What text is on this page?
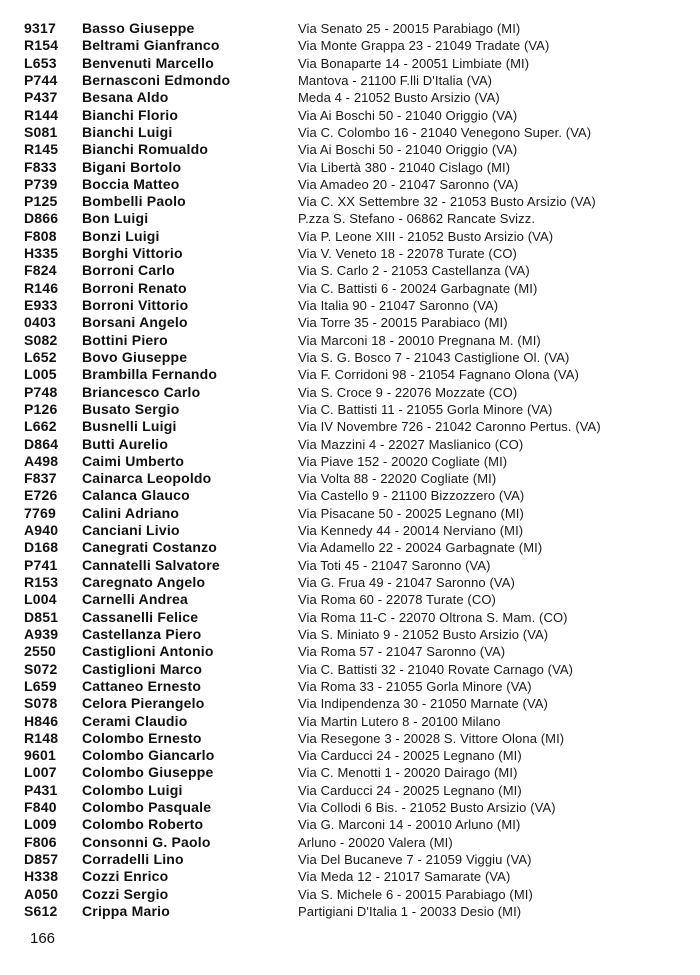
9317	Basso Giuseppe	Via Senato 25 - 20015 Parabiago (MI)
R154	Beltrami Gianfranco	Via Monte Grappa 23 - 21049 Tradate (VA)
L653	Benvenuti Marcello	Via Bonaparte 14 - 20051 Limbiate (MI)
P744	Bernasconi Edmondo	Mantova - 21100 F.lli D'Italia (VA)
P437	Besana Aldo	Meda 4 - 21052 Busto Arsizio (VA)
R144	Bianchi Florio	Via Ai Boschi 50 - 21040 Origgio (VA)
S081	Bianchi Luigi	Via C. Colombo 16 - 21040 Venegono Super. (VA)
R145	Bianchi Romualdo	Via Ai Boschi 50 - 21040 Origgio (VA)
F833	Bigani Bortolo	Via Libertà 380 - 21040 Cislago (MI)
P739	Boccia Matteo	Via Amadeo 20 - 21047 Saronno (VA)
P125	Bombelli Paolo	Via C. XX Settembre 32 - 21053 Busto Arsizio (VA)
D866	Bon Luigi	P.zza S. Stefano - 06862 Rancate Svizz.
F808	Bonzi Luigi	Via P. Leone XIII - 21052 Busto Arsizio (VA)
H335	Borghi Vittorio	Via V. Veneto 18 - 22078 Turate (CO)
F824	Borroni Carlo	Via S. Carlo 2 - 21053 Castellanza (VA)
R146	Borroni Renato	Via C. Battisti 6 - 20024 Garbagnate (MI)
E933	Borroni Vittorio	Via Italia 90 - 21047 Saronno (VA)
0403	Borsani Angelo	Via Torre 35 - 20015 Parabiaco (MI)
S082	Bottini Piero	Via Marconi 18 - 20010 Pregnana M. (MI)
L652	Bovo Giuseppe	Via S. G. Bosco 7 - 21043 Castiglione Ol. (VA)
L005	Brambilla Fernando	Via F. Corridoni 98 - 21054 Fagnano Olona (VA)
P748	Briancesco Carlo	Via S. Croce 9 - 22076 Mozzate (CO)
P126	Busato Sergio	Via C. Battisti 11 - 21055 Gorla Minore (VA)
L662	Busnelli Luigi	Via IV Novembre 726 - 21042 Caronno Pertus. (VA)
D864	Butti Aurelio	Via Mazzini 4 - 22027 Maslianico (CO)
A498	Caimi Umberto	Via Piave 152 - 20020 Cogliate (MI)
F837	Cainarca Leopoldo	Via Volta 88 - 22020 Cogliate (MI)
E726	Calanca Glauco	Via Castello 9 - 21100 Bizzozzero (VA)
7769	Calini Adriano	Via Pisacane 50 - 20025 Legnano (MI)
A940	Canciani Livio	Via Kennedy 44 - 20014 Nerviano (MI)
D168	Canegrati Costanzo	Via Adamello 22 - 20024 Garbagnate (MI)
P741	Cannatelli Salvatore	Via Toti 45 - 21047 Saronno (VA)
R153	Caregnato Angelo	Via G. Frua 49 - 21047 Saronno (VA)
L004	Carnelli Andrea	Via Roma 60 - 22078 Turate (CO)
D851	Cassanelli Felice	Via Roma 11-C - 22070 Oltrona S. Mam. (CO)
A939	Castellanza Piero	Via S. Miniato 9 - 21052 Busto Arsizio (VA)
2550	Castiglioni Antonio	Via Roma 57 - 21047 Saronno (VA)
S072	Castiglioni Marco	Via C. Battisti 32 - 21040 Rovate Carnago (VA)
L659	Cattaneo Ernesto	Via Roma 33 - 21055 Gorla Minore (VA)
S078	Celora Pierangelo	Via Indipendenza 30 - 21050 Marnate (VA)
H846	Cerami Claudio	Via Martin Lutero 8 - 20100 Milano
R148	Colombo Ernesto	Via Resegone 3 - 20028 S. Vittore Olona (MI)
9601	Colombo Giancarlo	Via Carducci 24 - 20025 Legnano (MI)
L007	Colombo Giuseppe	Via C. Menotti 1 - 20020 Dairago (MI)
P431	Colombo Luigi	Via Carducci 24 - 20025 Legnano (MI)
F840	Colombo Pasquale	Via Collodi 6 Bis. - 21052 Busto Arsizio (VA)
L009	Colombo Roberto	Via G. Marconi 14 - 20010 Arluno (MI)
F806	Consonni G. Paolo	Arluno - 20020 Valera (MI)
D857	Corradelli Lino	Via Del Bucaneve 7 - 21059 Viggiu (VA)
H338	Cozzi Enrico	Via Meda 12 - 21017 Samarate (VA)
A050	Cozzi Sergio	Via S. Michele 6 - 20015 Parabiago (MI)
S612	Crippa Mario	Partigiani D'Italia 1 - 20033 Desio (MI)
166
